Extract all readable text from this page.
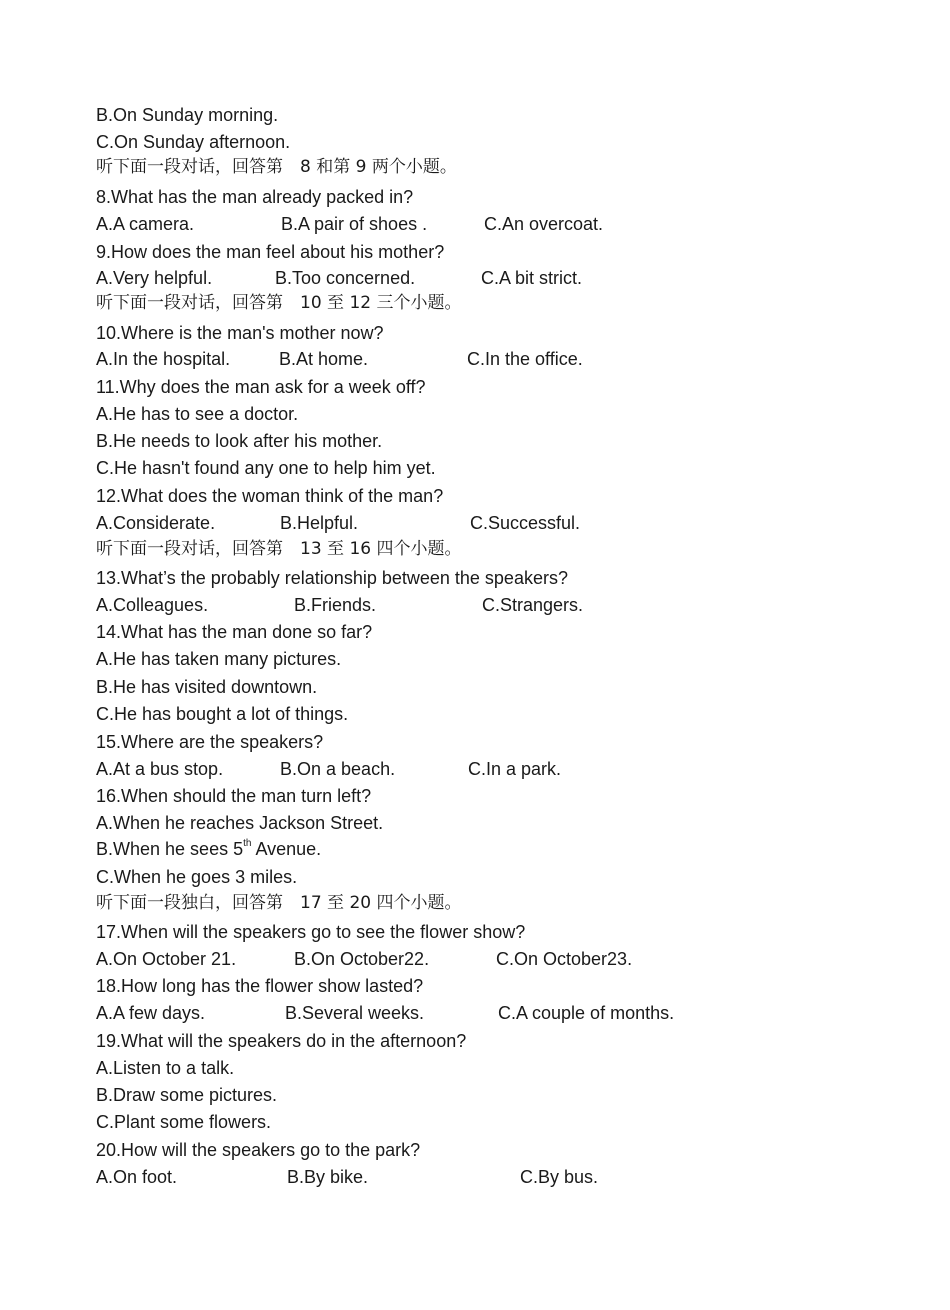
B.On Sunday morning.
C.On Sunday afternoon.
听下面一段对话，回答第　8 和第 9 两个小题。
8.What has the man already packed in?
A.A camera.	B.A pair of shoes .	C.An overcoat.
9.How does the man feel about his mother?
A.Very helpful.	B.Too concerned.	C.A bit strict.
听下面一段对话，回答第　10 至 12 三个小题。
10.Where is the man's mother now?
A.In the hospital.	B.At home.	C.In the office.
11.Why does the man ask for a week off?
A.He has to see a doctor.
B.He needs to look after his mother.
C.He hasn't found any one to help him yet.
12.What does the woman think of the man?
A.Considerate.	B.Helpful.	C.Successful.
听下面一段对话，回答第　13 至 16 四个小题。
13.What’s the probably relationship between the speakers?
A.Colleagues.	B.Friends.	C.Strangers.
14.What has the man done so far?
A.He has taken many pictures.
B.He has visited downtown.
C.He has bought a lot of things.
15.Where are the speakers?
A.At a bus stop.	B.On a beach.	C.In a park.
16.When should the man turn left?
A.When he reaches Jackson Street.
B.When he sees 5th Avenue.
C.When he goes 3 miles.
听下面一段独白，回答第　17 至 20 四个小题。
17.When will the speakers go to see the flower show?
A.On October 21.	B.On October22.	C.On October23.
18.How long has the flower show lasted?
A.A few days.	B.Several weeks.	C.A couple of months.
19.What will the speakers do in the afternoon?
A.Listen to a talk.
B.Draw some pictures.
C.Plant some flowers.
20.How will the speakers go to the park?
A.On foot.	B.By bike.	C.By bus.
